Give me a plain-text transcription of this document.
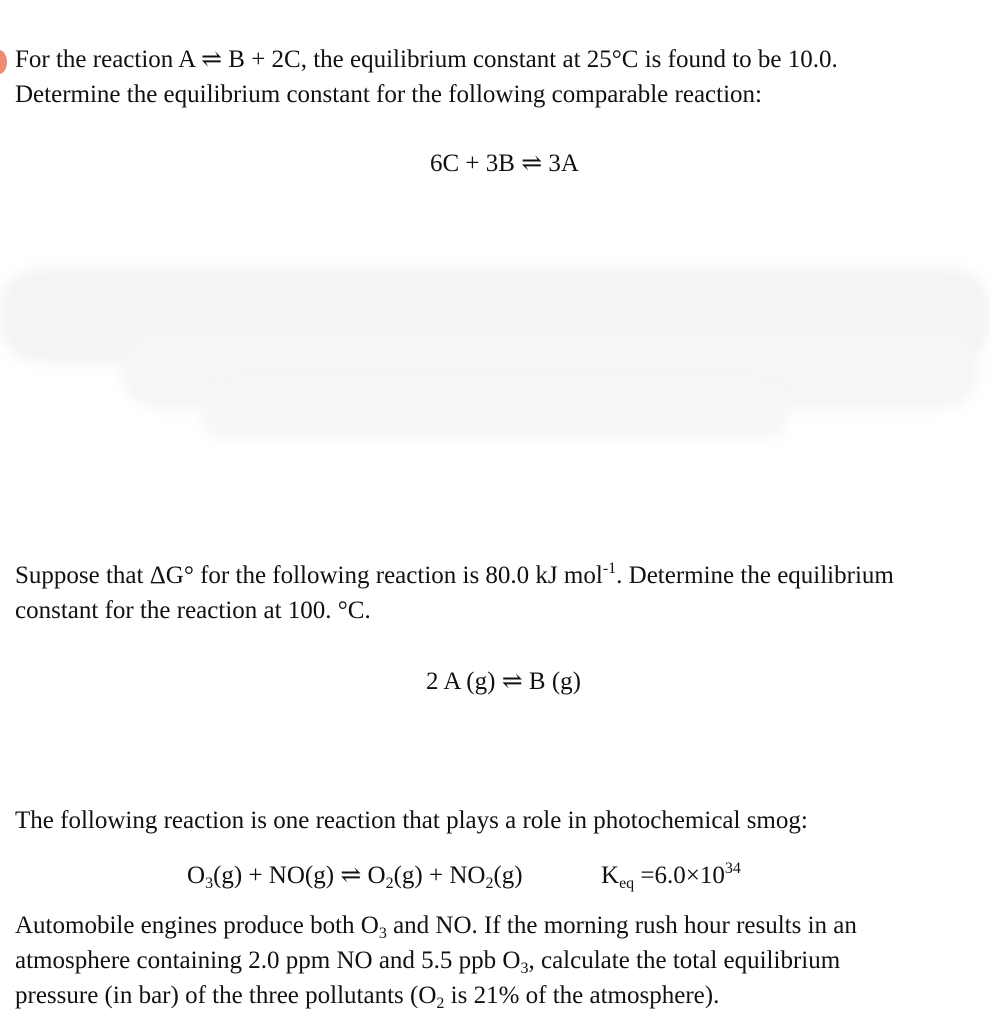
For the reaction A ⇌ B + 2C, the equilibrium constant at 25°C is found to be 10.0.
Determine the equilibrium constant for the following comparable reaction:
6C + 3B ⇌ 3A
Suppose that ΔG° for the following reaction is 80.0 kJ mol$^{-1}$. Determine the equilibrium
constant for the reaction at 100. °C.
2 A (g) ⇌ B (g)
The following reaction is one reaction that plays a role in photochemical smog:
$O_3(g) + NO(g)$ ⇌ $O_2(g) + NO_2(g)$	$K_{eq} =6.0\times 10^{34}$
Automobile engines produce both $O_3$ and NO. If the morning rush hour results in an
atmosphere containing 2.0 ppm NO and 5.5 ppb $O_3$, calculate the total equilibrium
pressure (in bar) of the three pollutants ($O_2$ is 21% of the atmosphere).
